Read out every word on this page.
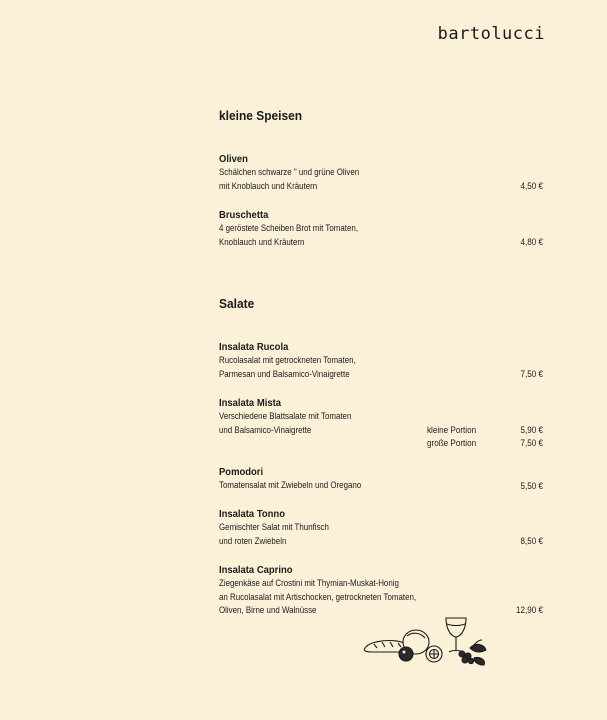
bartolucci
kleine Speisen
Oliven
Schälchen schwarze " und grüne Oliven
mit Knoblauch und Kräutern	4,50 €
Bruschetta
4 geröstete Scheiben Brot mit Tomaten,
Knoblauch und Kräutern	4,80 €
Salate
Insalata Rucola
Rucolasalat mit getrockneten Tomaten,
Parmesan und Balsamico-Vinaigrette	7,50 €
Insalata Mista
Verschiedene Blattsalate mit Tomaten
und Balsamico-Vinaigrette	kleine Portion	5,90 €
große Portion	7,50 €
Pomodori
Tomatensalat mit Zwiebeln und Oregano	5,50 €
Insalata Tonno
Gemischter Salat mit Thunfisch
und roten Zwiebeln	8,50 €
Insalata Caprino
Ziegenkäse auf Crostini mit Thymian-Muskat-Honig
an Rucolasalat mit Artischocken, getrockneten Tomaten,
Oliven, Birne und Walnüsse	12,90 €
